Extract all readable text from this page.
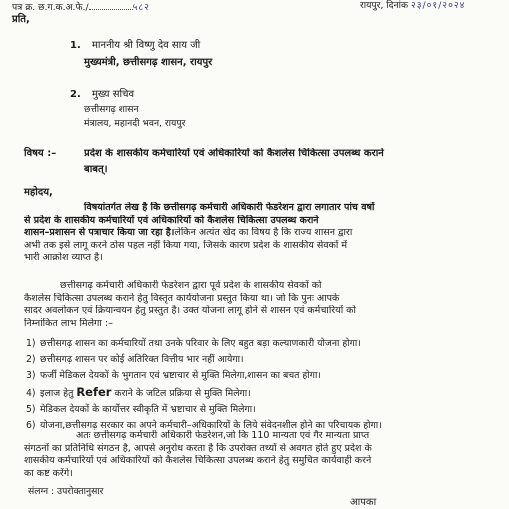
पत्र क्र. छ.ग.क.अ.फे./	५८२	रायपुर, दिनांक २३/०१/२०२४
प्रति,
1. माननीय श्री विष्णु देव साय जी
मुख्यमंत्री, छत्तीसगढ़ शासन, रायपुर
2. मुख्य सचिव
छत्तीसगढ़ शासन
मंत्रालय, महानदी भवन, रायपुर
विषय :–	प्रदेश के शासकीय कर्मचारियों एवं अधिकारियों को कैशलेस चिकित्सा उपलब्ध कराने
बाबत्।
महोदय,

विषयांतर्गत लेख है कि छत्तीसगढ़ कर्मचारी अधिकारी फेडरेशन द्वारा लगातार पांच वर्षो

से प्रदेश के शासकीय कर्मचारियों एवं अधिकारियों को कैशलेस चिकित्सा उपलब्ध कराने

शासन–प्रशासन से पत्राचार किया जा रहा है।लेकिन अत्यंत खेद का विषय है कि राज्य शासन द्वारा

अभी तक इसे लागू करने ठोस पहल नहीं किया गया, जिसके कारण प्रदेश के शासकीय सेवकों में

भारी आक्रोश व्याप्त है।

छत्तीसगढ़ कर्मचारी अधिकारी फेडरेशन द्वारा पूर्व प्रदेश के शासकीय सेवकों को

कैशलेस चिकित्सा उपलब्ध कराने हेतु विस्तृत कार्ययोजना प्रस्तुत किया था। जो कि पुनः आपके

सादर अवलोकन एवं क्रियान्वयन हेतु प्रस्तुत है। उक्त योजना लागू होने से शासन एवं कर्मचारियों को

निम्नांकित लाभ मिलेगा :–

1) छत्तीसगढ़ शासन का कर्मचारियों तथा उनके परिवार के लिए बहुत बड़ा कल्याणकारी योजना होगा।
2) छत्तीसगढ़ शासन पर कोई अतिरिक्त वित्तीय भार नहीं आयेगा।
3) फर्जी मेडिकल देयकों के भुगतान एवं भ्रष्टाचार से मुक्ति मिलेगा,शासन का बचत होगा।
4) इलाज हेतु Refer कराने के जटिल प्रक्रिया से मुक्ति मिलेगा।
5) मेडिकल देयकों के कार्योत्तर स्वीकृति में भ्रष्टाचार से मुक्ति मिलेगा।
6) योजना,छत्तीसगढ़ सरकार का अपने कर्मचारी–अधिकारियों के लिये संवेदनशील होने का परिचायक होगा।

अतः छत्तीसगढ़ कर्मचारी अधिकारी फेडरेशन,जो कि 110 मान्यता एवं गैर मान्यता प्राप्त

संगठनों का प्रतिनिधि संगठन है, आपसे अनुरोध करता है कि उपरोक्त तथ्यों से अवगत होते हुए प्रदेश के

शासकीय कर्मचारियों एवं अधिकारियों को कैशलेस चिकित्सा उपलब्ध कराने हेतु समुचित कार्यवाही करने

का कष्ट करेंगे।

संलग्न : उपरोक्तानुसार
आपका
